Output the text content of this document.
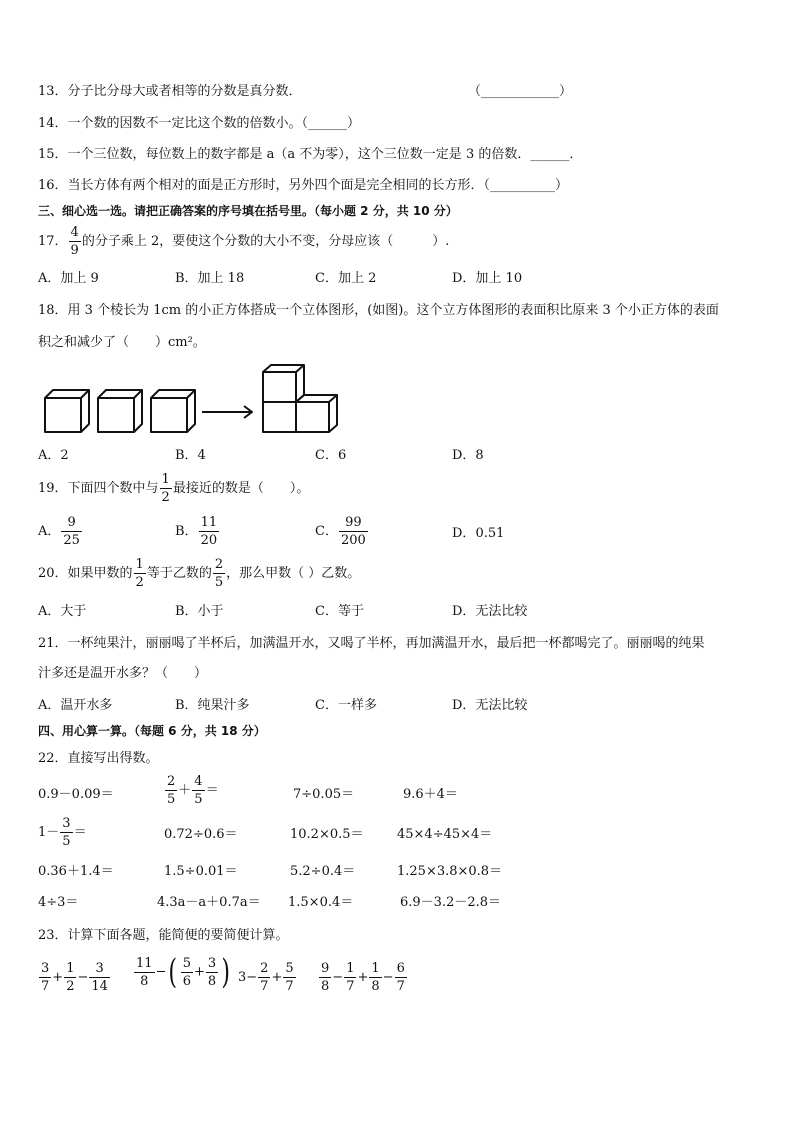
13．分子比分母大或者相等的分数是真分数．	（____________）
14．一个数的因数不一定比这个数的倍数小。（______）
15．一个三位数，每位数上的数字都是 a（a 不为零），这个三位数一定是 3 的倍数．______．
16．当长方体有两个相对的面是正方形时，另外四个面是完全相同的长方形．（__________）
三、细心选一选。请把正确答案的序号填在括号里。（每小题 2 分，共 10 分）
17． $\frac{4}{9}$ 的分子乘上 2，要使这个分数的大小不变，分母应该（　　　）.
A．加上 9	B．加上 18	C．加上 2	D．加上 10
18．用 3 个棱长为 1cm 的小正方体搭成一个立体图形，(如图)。这个立方体图形的表面积比原来 3 个小正方体的表面
积之和减少了（　　）cm²。
A．2	B．4	C．6	D．8
19．下面四个数中与 $\frac{1}{2}$ 最接近的数是（　　）。
A． $\frac{9}{25}$	B． $\frac{11}{20}$	C． $\frac{99}{200}$	D．0.51
20．如果甲数的 $\frac{1}{2}$ 等于乙数的 $\frac{2}{5}$ ，那么甲数（ ）乙数。
A．大于	B．小于	C．等于	D．无法比较
21．一杯纯果汁，丽丽喝了半杯后，加满温开水，又喝了半杯，再加满温开水，最后把一杯都喝完了。丽丽喝的纯果
汁多还是温开水多？（　　）
A．温开水多	B．纯果汁多	C．一样多	D．无法比较
四、用心算一算。（每题 6 分，共 18 分）
22．直接写出得数。
0.9－0.09＝	$\frac{2}{5} + \frac{4}{5}$ ＝	7÷0.05＝	9.6＋4＝
$1- \frac{3}{5}$ ＝	0.72÷0.6＝	10.2×0.5＝	45×4÷45×4＝
0.36＋1.4＝	1.5÷0.01＝	5.2÷0.4＝	1.25×3.8×0.8＝
4÷3＝	4.3a－a＋0.7a＝ 1.5×0.4＝	6.9－3.2－2.8＝
23．计算下面各题，能简便的要简便计算。
$\frac{3}{7} + \frac{1}{2} - \frac{3}{14} \frac{11}{8}$ −( $\frac{5}{6} + \frac{3}{8}$ ) $3- \frac{2}{7} + \frac{5}{7} \frac{9}{8} - \frac{1}{7} + \frac{1}{8} - \frac{6}{7}$
